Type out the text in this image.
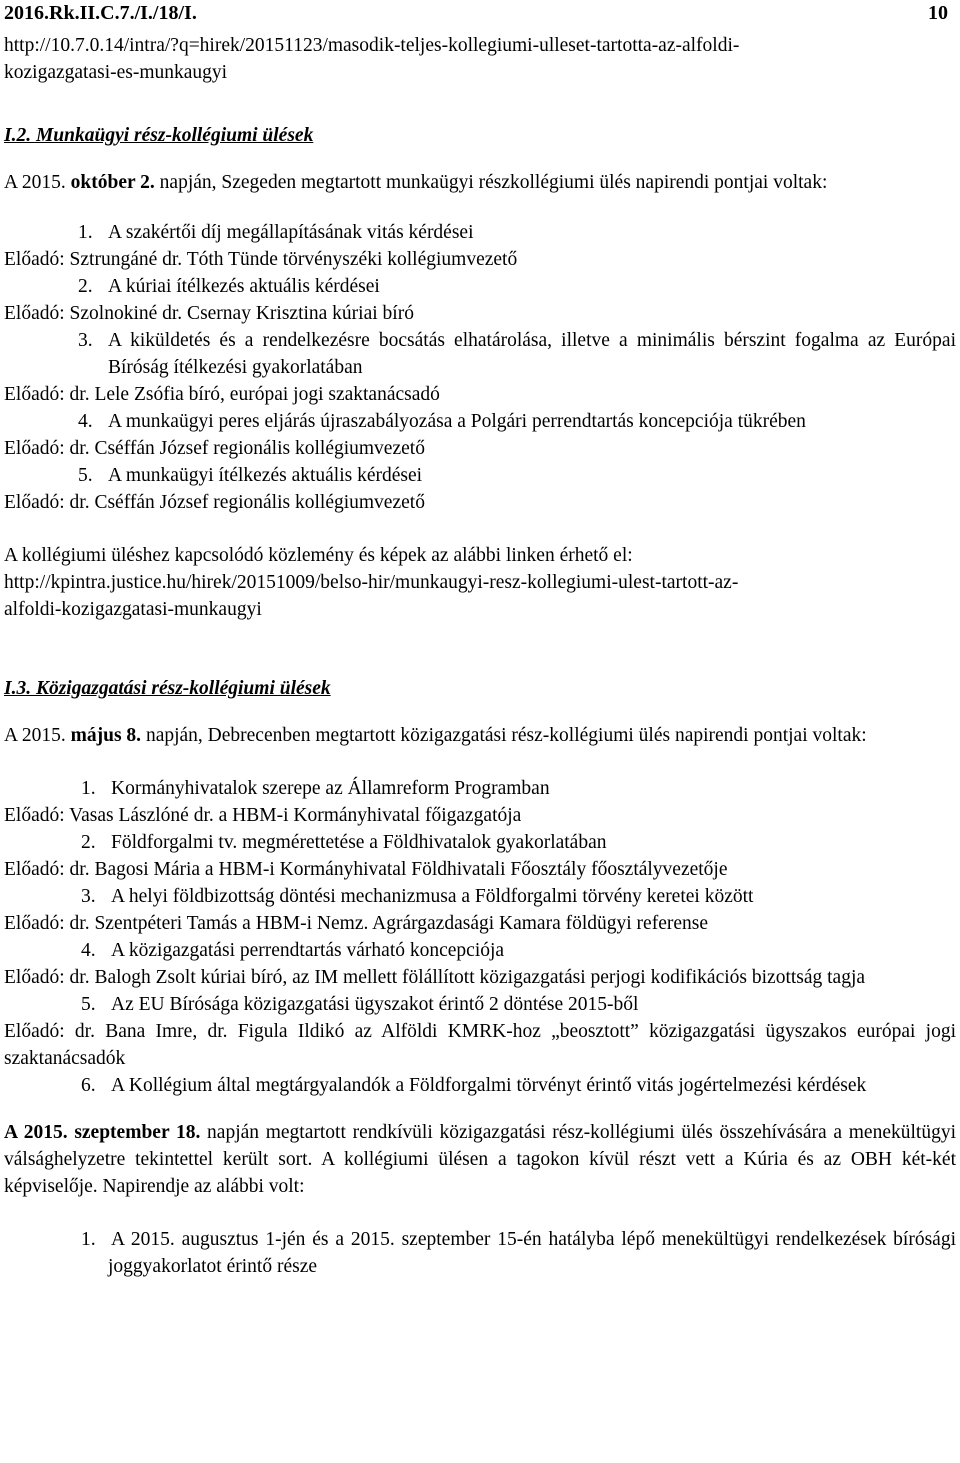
2016.Rk.II.C.7./I./18/I.	10

http://10.7.0.14/intra/?q=hirek/20151123/masodik-teljes-kollegiumi-ulleset-tartotta-az-alfoldi-

kozigazgatasi-es-munkaugyi

I.2. Munkaügyi rész-kollégiumi ülések

A 2015. október 2. napján, Szegeden megtartott munkaügyi részkollégiumi ülés napirendi pontjai voltak:

1. A szakértői díj megállapításának vitás kérdései

Előadó: Sztrungáné dr. Tóth Tünde törvényszéki kollégiumvezető

2. A kúriai ítélkezés aktuális kérdései

Előadó: Szolnokiné dr. Csernay Krisztina kúriai bíró

3. A kiküldetés és a rendelkezésre bocsátás elhatárolása, illetve a minimális bérszint fogalma az Európai Bíróság ítélkezési gyakorlatában

Előadó: dr. Lele Zsófia bíró, európai jogi szaktanácsadó

4. A munkaügyi peres eljárás újraszabályozása a Polgári perrendtartás koncepciója tükrében

Előadó: dr. Cséffán József regionális kollégiumvezető

5. A munkaügyi ítélkezés aktuális kérdései

Előadó: dr. Cséffán József regionális kollégiumvezető

A kollégiumi üléshez kapcsolódó közlemény és képek az alábbi linken érhető el:

http://kpintra.justice.hu/hirek/20151009/belso-hir/munkaugyi-resz-kollegiumi-ulest-tartott-az-

alfoldi-kozigazgatasi-munkaugyi

I.3. Közigazgatási rész-kollégiumi ülések

A 2015. május 8. napján, Debrecenben megtartott közigazgatási rész-kollégiumi ülés napirendi pontjai voltak:

1. Kormányhivatalok szerepe az Államreform Programban

Előadó: Vasas Lászlóné dr. a HBM-i Kormányhivatal főigazgatója

2. Földforgalmi tv. megmérettetése a Földhivatalok gyakorlatában

Előadó: dr. Bagosi Mária a HBM-i Kormányhivatal Földhivatali Főosztály főosztályvezetője

3. A helyi földbizottság döntési mechanizmusa a Földforgalmi törvény keretei között

Előadó: dr. Szentpéteri Tamás a HBM-i Nemz. Agrárgazdasági Kamara földügyi referense

4. A közigazgatási perrendtartás várható koncepciója

Előadó: dr. Balogh Zsolt kúriai bíró, az IM mellett fölállított közigazgatási perjogi kodifikációs bizottság tagja

5. Az EU Bírósága közigazgatási ügyszakot érintő 2 döntése 2015-ből

Előadó: dr. Bana Imre, dr. Figula Ildikó az Alföldi KMRK-hoz „beosztott” közigazgatási ügyszakos európai jogi szaktanácsadók

6. A Kollégium által megtárgyalandók a Földforgalmi törvényt érintő vitás jogértelmezési kérdések

A 2015. szeptember 18. napján megtartott rendkívüli közigazgatási rész-kollégiumi ülés összehívására a menekültügyi válsághelyzetre tekintettel került sort. A kollégiumi ülésen a tagokon kívül részt vett a Kúria és az OBH két-két képviselője. Napirendje az alábbi volt:

1. A 2015. augusztus 1-jén és a 2015. szeptember 15-én hatályba lépő menekültügyi rendelkezések bírósági joggyakorlatot érintő része
